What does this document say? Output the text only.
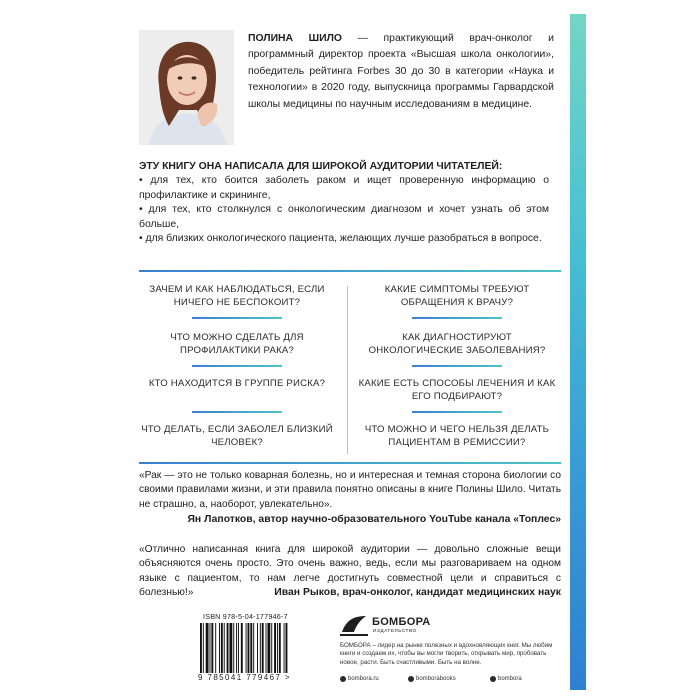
ПОЛИНА ШИЛО — практикующий врач-онколог и программный директор проекта «Высшая школа онкологии», победитель рейтинга Forbes 30 до 30 в категории «Наука и технологии» в 2020 году, выпускница программы Гарвардской школы медицины по научным исследованиям в медицине.
ЭТУ КНИГУ ОНА НАПИСАЛА ДЛЯ ШИРОКОЙ АУДИТОРИИ ЧИТАТЕЛЕЙ:
• для тех, кто боится заболеть раком и ищет проверенную информацию о профилактике и скрининге,
• для тех, кто столкнулся с онкологическим диагнозом и хочет узнать об этом больше,
• для близких онкологического пациента, желающих лучше разобраться в вопросе.
ЗАЧЕМ И КАК НАБЛЮДАТЬСЯ, ЕСЛИ НИЧЕГО НЕ БЕСПОКОИТ?
ЧТО МОЖНО СДЕЛАТЬ ДЛЯ ПРОФИЛАКТИКИ РАКА?
КТО НАХОДИТСЯ В ГРУППЕ РИСКА?
ЧТО ДЕЛАТЬ, ЕСЛИ ЗАБОЛЕЛ БЛИЗКИЙ ЧЕЛОВЕК?
КАКИЕ СИМПТОМЫ ТРЕБУЮТ ОБРАЩЕНИЯ К ВРАЧУ?
КАК ДИАГНОСТИРУЮТ ОНКОЛОГИЧЕСКИЕ ЗАБОЛЕВАНИЯ?
КАКИЕ ЕСТЬ СПОСОБЫ ЛЕЧЕНИЯ И КАК ЕГО ПОДБИРАЮТ?
ЧТО МОЖНО И ЧЕГО НЕЛЬЗЯ ДЕЛАТЬ ПАЦИЕНТАМ В РЕМИССИИ?
«Рак — это не только коварная болезнь, но и интересная и темная сторона биологии со своими правилами жизни, и эти правила понятно описаны в книге Полины Шило. Читать не страшно, а, наоборот, увлекательно».
Ян Лапотков, автор научно-образовательного YouTube канала «Топлес»
«Отлично написанная книга для широкой аудитории — довольно сложные вещи объясняются очень просто. Это очень важно, ведь, если мы разговариваем на одном языке с пациентом, то нам легче достигнуть совместной цели и справиться с болезнью!»	Иван Рыков, врач-онколог, кандидат медицинских наук
ISBN 978-5-04-177946-7
9 785041 779467 >
БОМБОРА
ИЗДАТЕЛЬСТВО
БОМБОРА – лидер на рынке полезных и вдохновляющих книг. Мы любим книги и создаем их, чтобы вы могли творить, открывать мир, пробовать новое, расти. Быть счастливыми. Быть на волне.
bombora.ru	bomborabooks	bombora
